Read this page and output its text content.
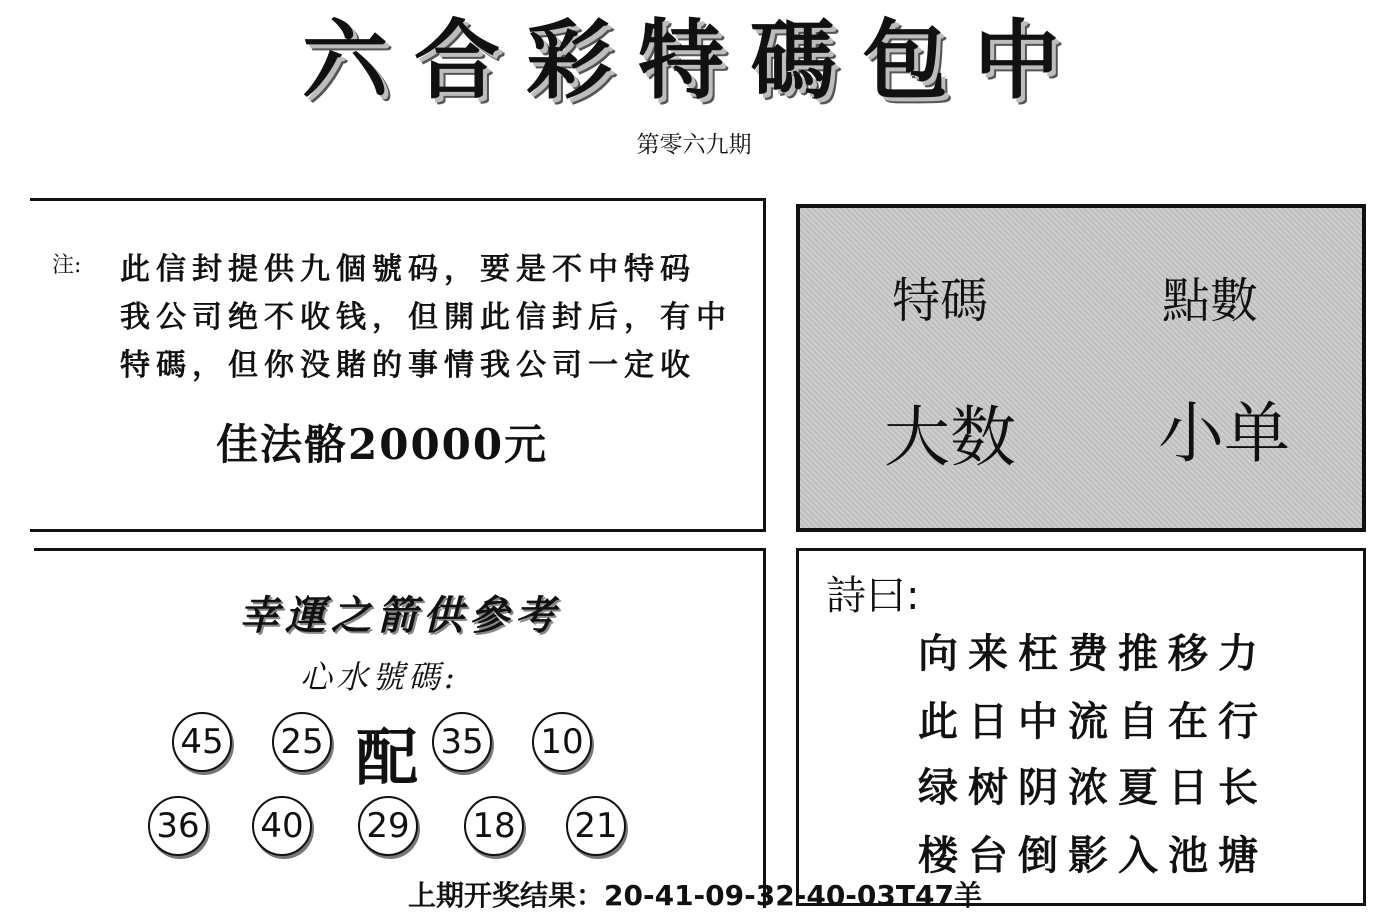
六合彩特碼包中
第零六九期
注: 此信封提供九個號码，要是不中特码
我公司绝不收钱，但開此信封后，有中
特碼，但你没賭的事情我公司一定收
佳法骼20000元
特碼	點數
大数 小单
幸運之箭供參考
心水號碼:
45 25 配 35 10
36 40 29 18 21
詩曰:
向来枉费推移力
此日中流自在行
绿树阴浓夏日长
楼台倒影入池塘
上期开奖结果：20-41-09-32-40-03T47羊
